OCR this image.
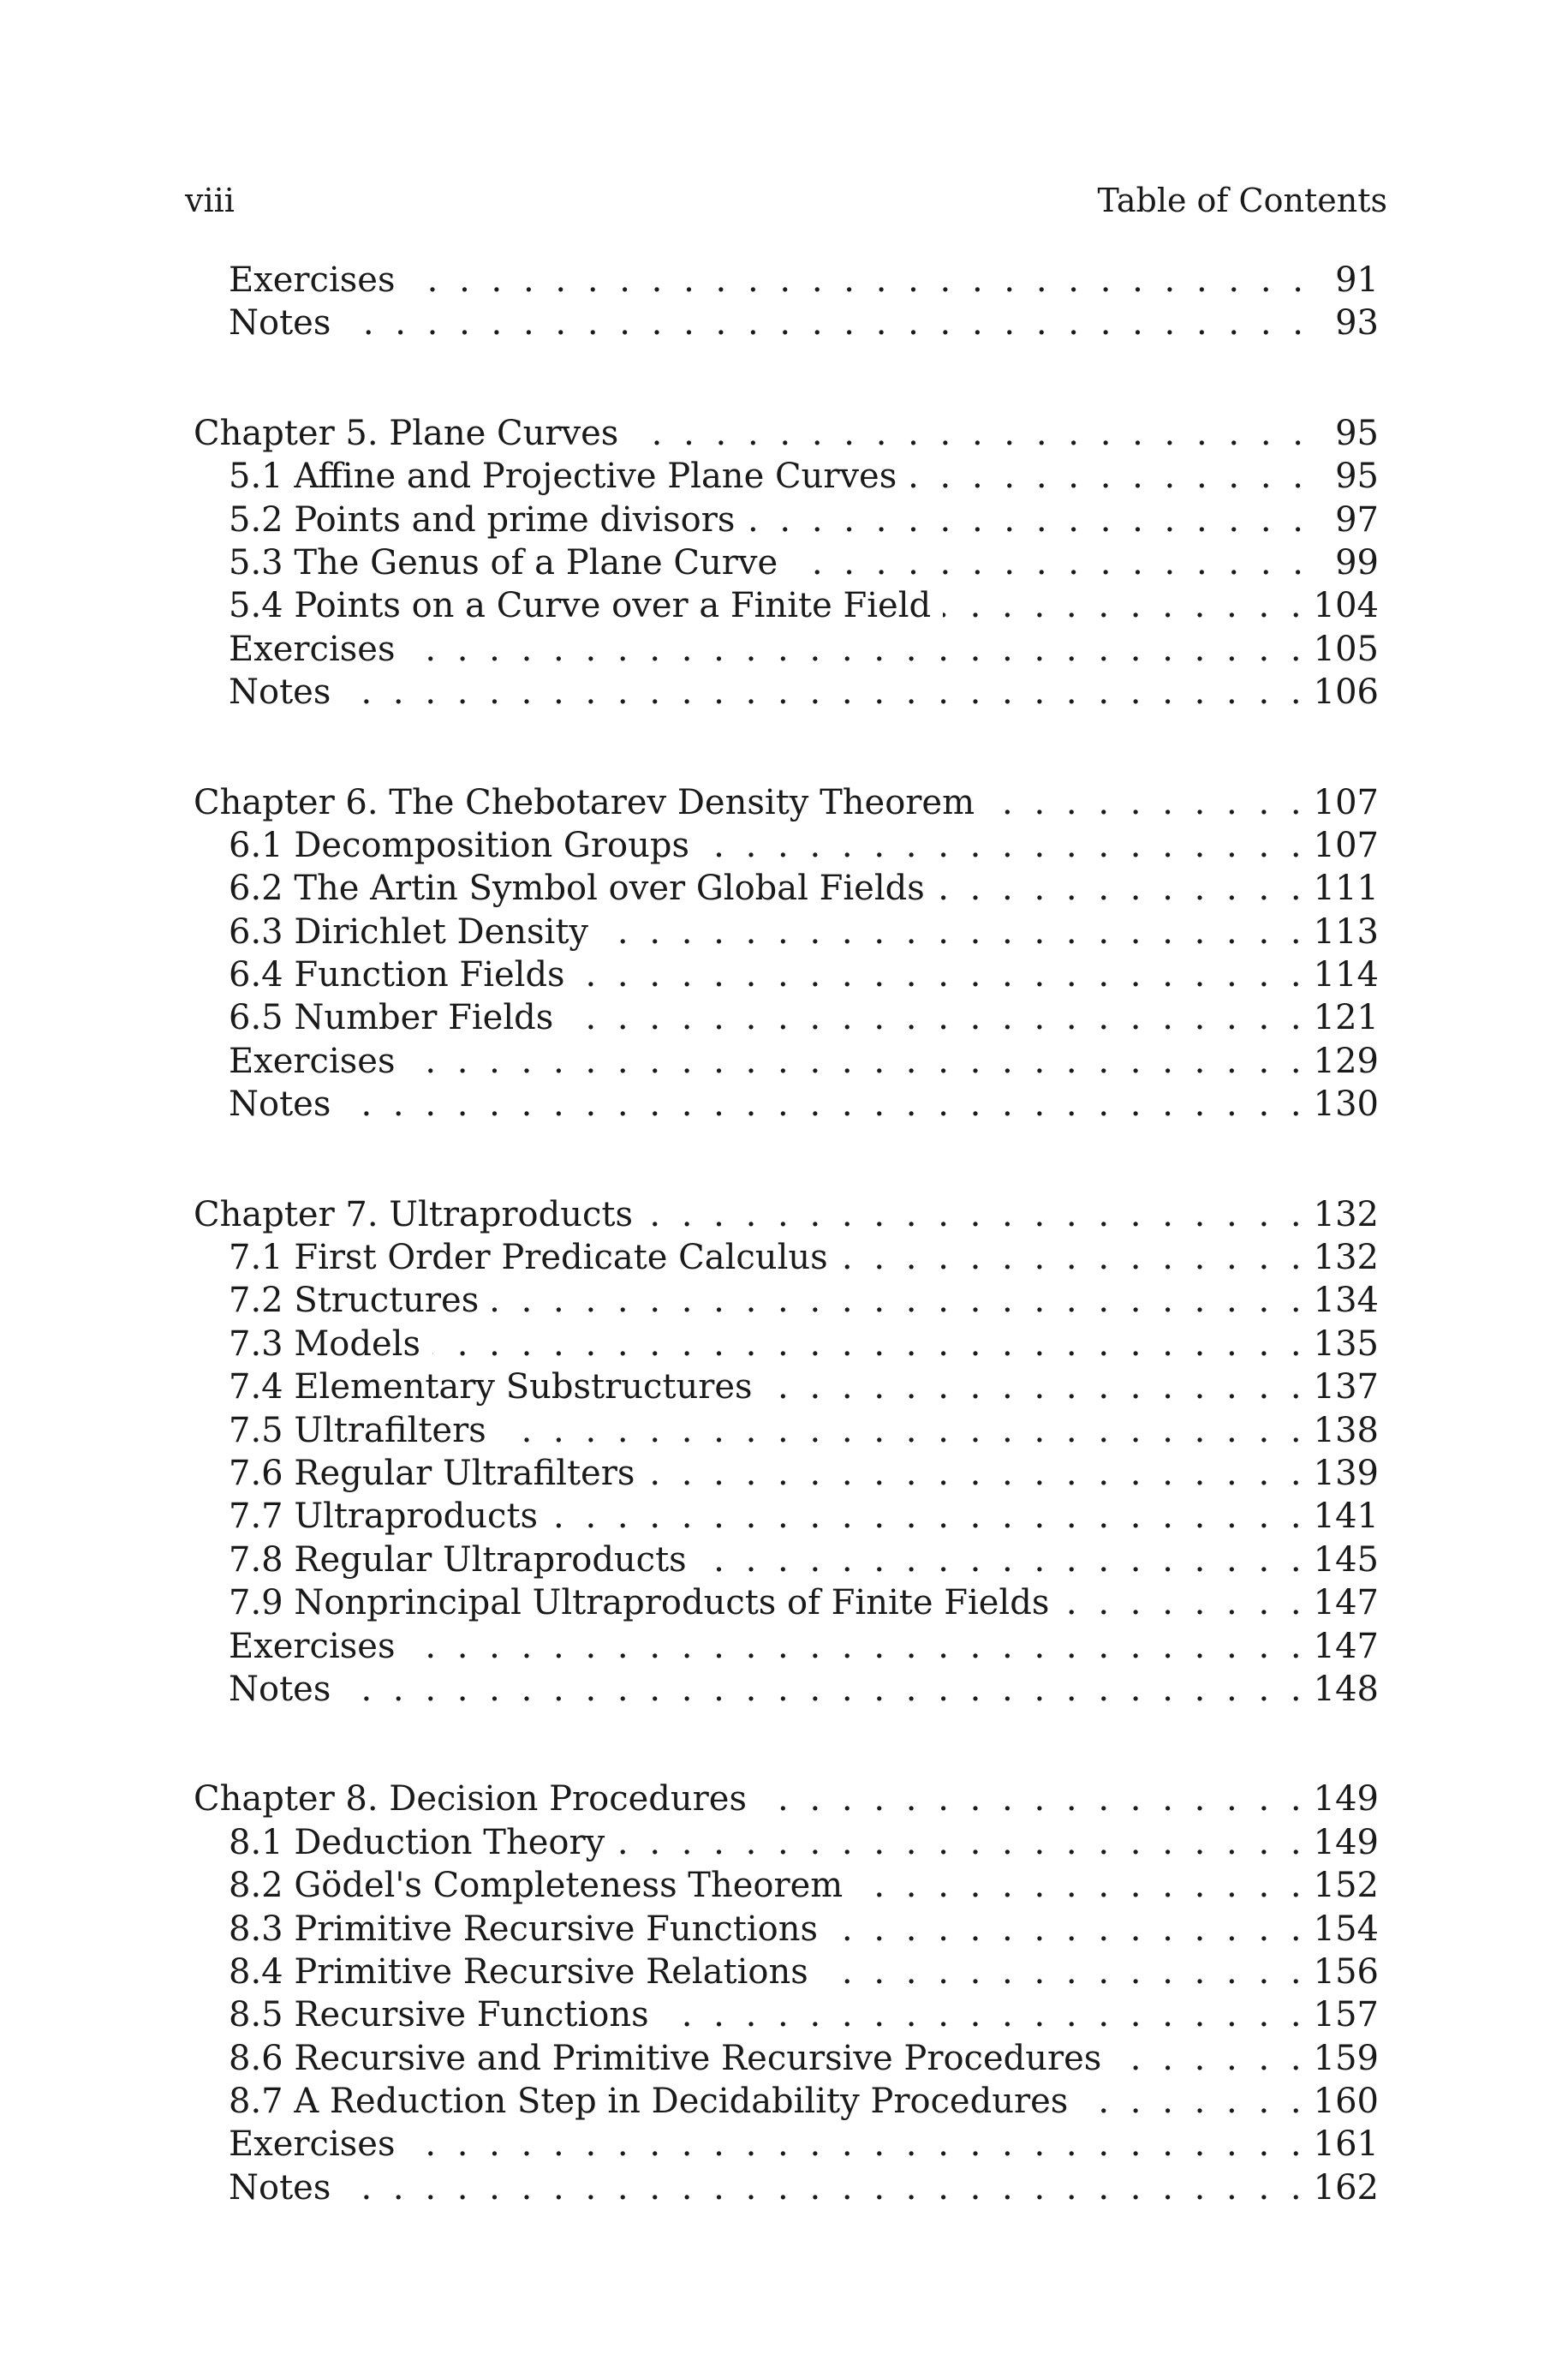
viii	Table of Contents
Exercises . . .	91
Notes . . .	93
Chapter 5. Plane Curves . . .	95
5.1 Affine and Projective Plane Curves . . .	95
5.2 Points and prime divisors . . .	97
5.3 The Genus of a Plane Curve . . .	99
5.4 Points on a Curve over a Finite Field . . .	104
Exercises . . .	105
Notes . . .	106
Chapter 6. The Chebotarev Density Theorem . . .	107
6.1 Decomposition Groups . . .	107
6.2 The Artin Symbol over Global Fields . . .	111
6.3 Dirichlet Density . . .	113
6.4 Function Fields . . .	114
6.5 Number Fields . . .	121
Exercises . . .	129
Notes . . .	130
Chapter 7. Ultraproducts . . .	132
7.1 First Order Predicate Calculus . . .	132
7.2 Structures . . .	134
7.3 Models . . .	135
7.4 Elementary Substructures . . .	137
7.5 Ultrafilters . . .	138
7.6 Regular Ultrafilters . . .	139
7.7 Ultraproducts . . .	141
7.8 Regular Ultraproducts . . .	145
7.9 Nonprincipal Ultraproducts of Finite Fields . . .	147
Exercises . . .	147
Notes . . .	148
Chapter 8. Decision Procedures . . .	149
8.1 Deduction Theory . . .	149
8.2 Gödel's Completeness Theorem . . .	152
8.3 Primitive Recursive Functions . . .	154
8.4 Primitive Recursive Relations . . .	156
8.5 Recursive Functions . . .	157
8.6 Recursive and Primitive Recursive Procedures . . .	159
8.7 A Reduction Step in Decidability Procedures . . .	160
Exercises . . .	161
Notes . . .	162
